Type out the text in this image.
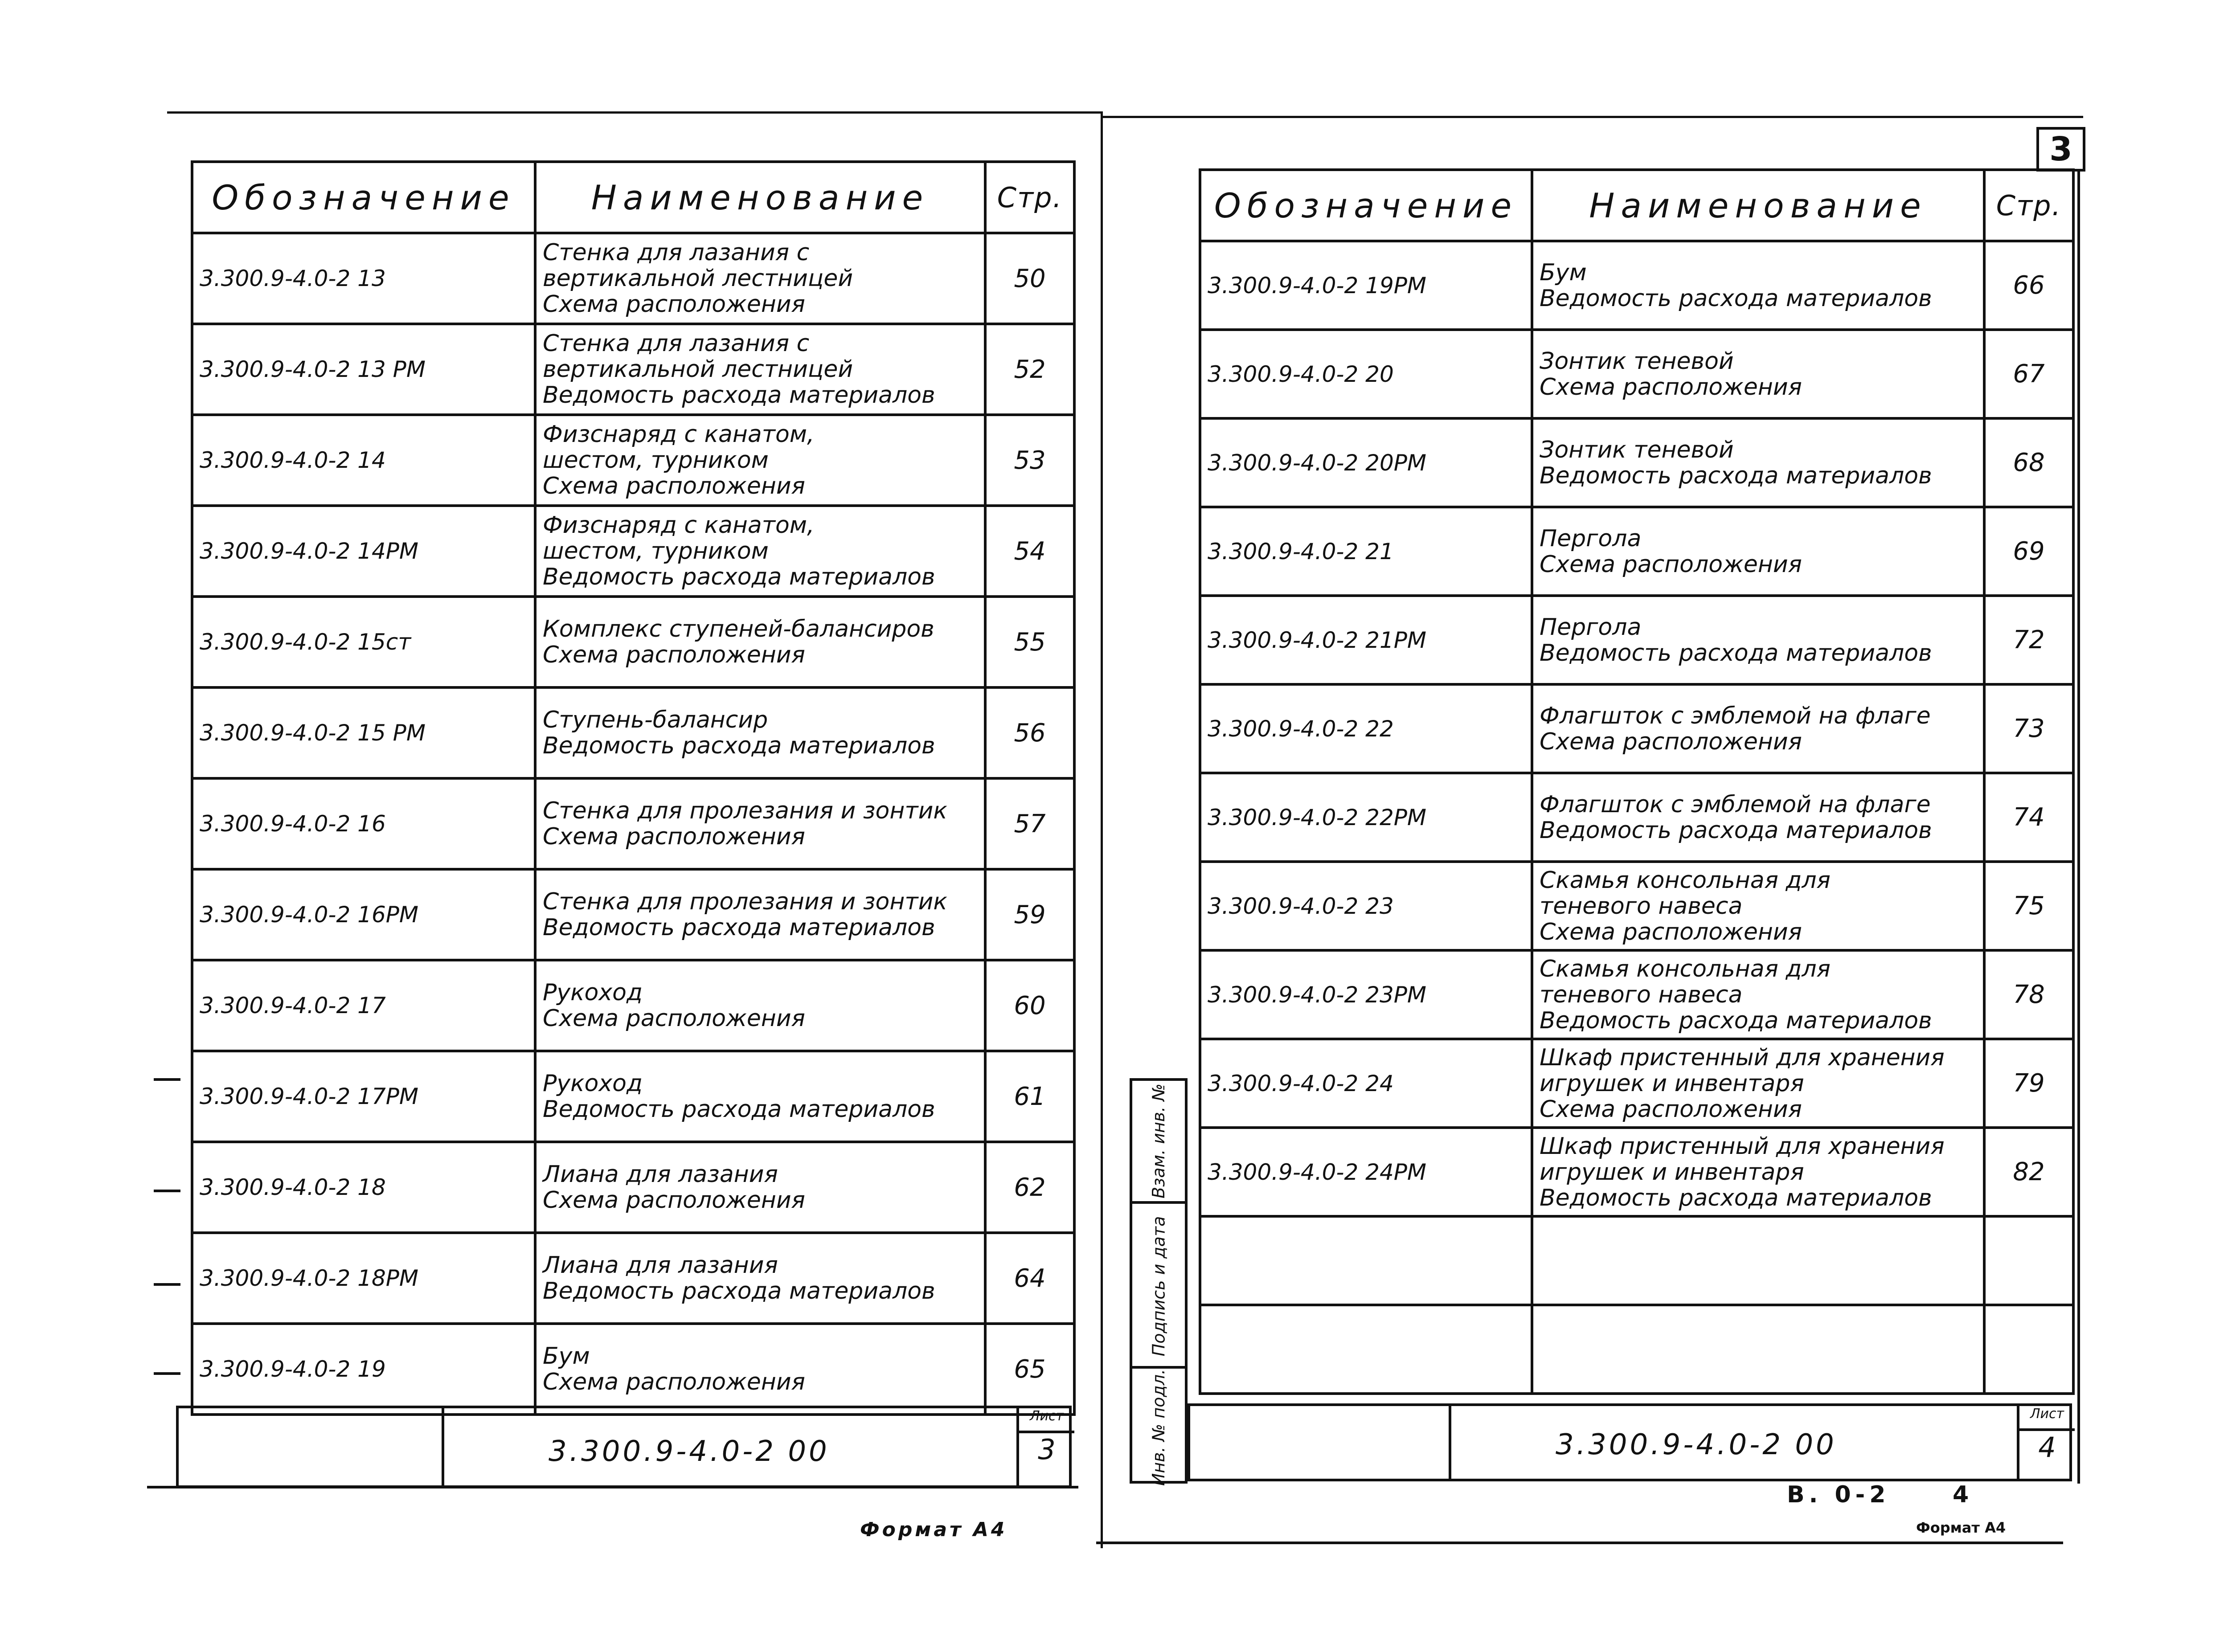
Обозначение	Наименование	Стр.
3.300.9-4.0-2 13	Стенка для лазания с
вертикальной лестницей
Схема расположения	50
3.300.9-4.0-2 13 РМ	Стенка для лазания с
вертикальной лестницей
Ведомость расхода материалов	52
3.300.9-4.0-2 14	Физснаряд с канатом,
шестом, турником
Схема расположения	53
3.300.9-4.0-2 14РМ	Физснаряд с канатом,
шестом, турником
Ведомость расхода материалов	54
3.300.9-4.0-2 15ст	Комплекс ступеней-балансиров
Схема расположения	55
3.300.9-4.0-2 15 РМ	Ступень-балансир
Ведомость расхода материалов	56
3.300.9-4.0-2 16	Стенка для пролезания и зонтик
Схема расположения	57
3.300.9-4.0-2 16РМ	Стенка для пролезания и зонтик
Ведомость расхода материалов	59
3.300.9-4.0-2 17	Рукоход
Схема расположения	60
3.300.9-4.0-2 17РМ	Рукоход
Ведомость расхода материалов	61
3.300.9-4.0-2 18	Лиана для лазания
Схема расположения	62
3.300.9-4.0-2 18РМ	Лиана для лазания
Ведомость расхода материалов	64
3.300.9-4.0-2 19	Бум
Схема расположения	65
3.300.9-4.0-2 00
Лист
3
Формат А4
3
Обозначение	Наименование	Стр.
3.300.9-4.0-2 19РМ	Бум
Ведомость расхода материалов	66
3.300.9-4.0-2 20	Зонтик теневой
Схема расположения	67
3.300.9-4.0-2 20РМ	Зонтик теневой
Ведомость расхода материалов	68
3.300.9-4.0-2 21	Пергола
Схема расположения	69
3.300.9-4.0-2 21РМ	Пергола
Ведомость расхода материалов	72
3.300.9-4.0-2 22	Флагшток с эмблемой на флаге
Схема расположения	73
3.300.9-4.0-2 22РМ	Флагшток с эмблемой на флаге
Ведомость расхода материалов	74
3.300.9-4.0-2 23	Скамья консольная для
теневого навеса
Схема расположения	75
3.300.9-4.0-2 23РМ	Скамья консольная для
теневого навеса
Ведомость расхода материалов	78
3.300.9-4.0-2 24	Шкаф пристенный для хранения
игрушек и инвентаря
Схема расположения	79
3.300.9-4.0-2 24РМ	Шкаф пристенный для хранения
игрушек и инвентаря
Ведомость расхода материалов	82

Взам. инв. №
Подпись и дата
Инв. № подл.	3.300.9-4.0-2 00
Лист
4
В. 0-2     4
Формат А4
